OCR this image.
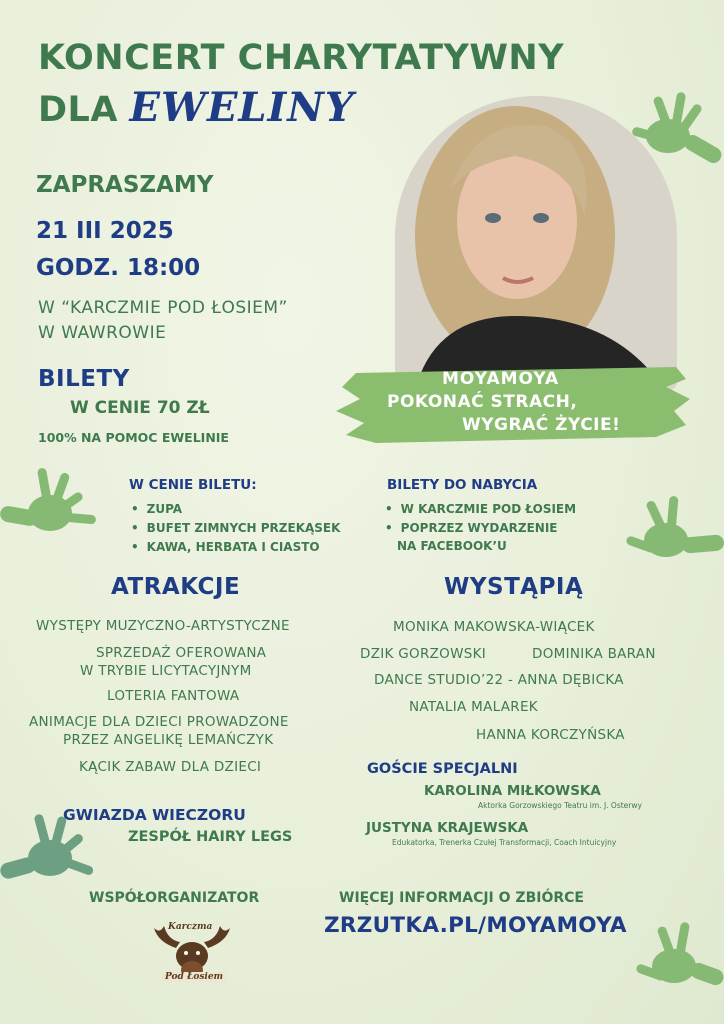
KONCERT CHARYTATYWNY
DLA EWELINY
ZAPRASZAMY
21 III 2025
GODZ. 18:00
W “KARCZMIE POD ŁOSIEM”
W WAWROWIE
BILETY
W CENIE 70 ZŁ
100% NA POMOC EWELINIE
MOYAMOYA
POKONAĆ STRACH,
WYGRAĆ ŻYCIE!
W CENIE BILETU:
• ZUPA
• BUFET ZIMNYCH PRZEKĄSEK
• KAWA, HERBATA I CIASTO
BILETY DO NABYCIA
• W KARCZMIE POD ŁOSIEM
• POPRZEZ WYDARZENIE
NA FACEBOOK’U
ATRAKCJE
WYSTĘPY MUZYCZNO-ARTYSTYCZNE
SPRZEDAŻ OFEROWANA
W TRYBIE LICYTACYJNYM
LOTERIA FANTOWA
ANIMACJE DLA DZIECI PROWADZONE
PRZEZ ANGELIKĘ LEMAŃCZYK
KĄCIK ZABAW DLA DZIECI
GWIAZDA WIECZORU
ZESPÓŁ HAIRY LEGS
WYSTĄPIĄ
MONIKA MAKOWSKA-WIĄCEK
DZIK GORZOWSKI	DOMINIKA BARAN
DANCE STUDIO’22 - ANNA DĘBICKA
NATALIA MALAREK
HANNA KORCZYŃSKA
GOŚCIE SPECJALNI
KAROLINA MIŁKOWSKA
Aktorka Gorzowskiego Teatru im. J. Osterwy
JUSTYNA KRAJEWSKA
Edukatorka, Trenerka Czułej Transformacji, Coach Intuicyjny
WSPÓŁORGANIZATOR
Karczma
Pod Łosiem
WIĘCEJ INFORMACJI O ZBIÓRCE
ZRZUTKA.PL/MOYAMOYA
